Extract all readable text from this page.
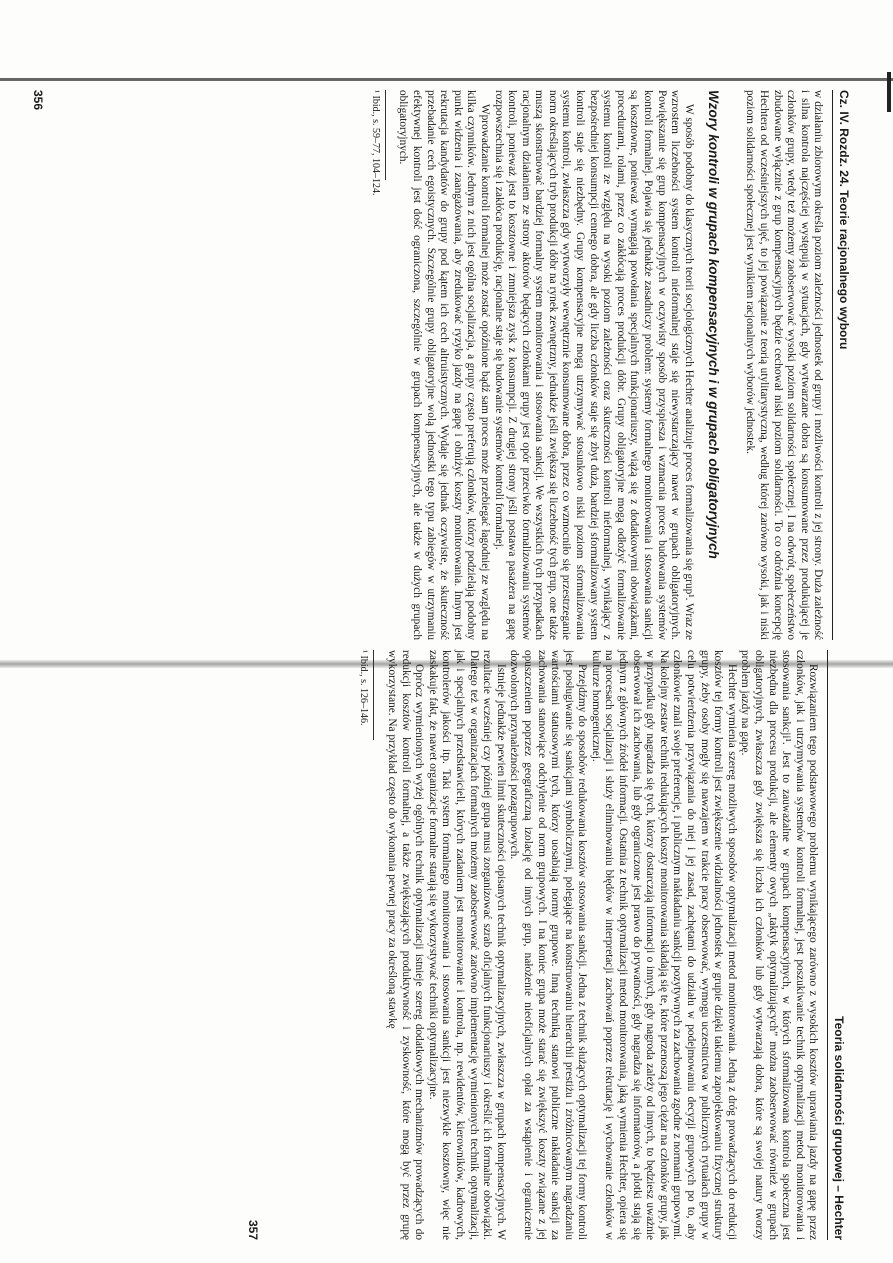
Cz. IV. Rozdz. 24. Teorie racjonalnego wyboru

w działaniu zbiorowym określa poziom zależności jednostek od grupy i możliwości kontroli z jej strony. Duża zależność i silna kontrola najczęściej występują w sytuacjach, gdy wytwarzane dobra są konsumowane przez produkującej je członków grupy, wtedy też możemy zaobserwować wysoki poziom solidarności społecznej. I na odwrót, społeczeństwo zbudowane wyłącznie z grup kompensacyjnych będzie cechował niski poziom solidarności. To co odróżnia koncepcję Hechtera od wcześniejszych ujęć, to jej powiązanie z teorią utylitarystyczną, według której zarówno wysoki, jak i niski poziom solidarności społecznej jest wynikiem racjonalnych wyborów jednostek.

Wzory kontroli w grupach kompensacyjnych i w grupach obligatoryjnych

W sposób podobny do klasycznych teorii socjologicznych Hechter analizuje proces formalizowania się grup¹. Wraz ze wzrostem liczebności system kontroli nieformalnej staje się niewystarczający nawet w grupach obligatoryjnych. Powiększanie się grup kompensacyjnych w oczywisty sposób przyspiesza i wzmacnia proces budowania systemów kontroli formalnej. Pojawia się jednakże zasadniczy problem: systemy formalnego monitorowania i stosowania sankcji są kosztowne, ponieważ wymagają powołania specjalnych funkcjonariuszy, wiążą się z dodatkowymi obowiązkami, procedurami, rolami, przez co zakłócają proces produkcji dóbr. Grupy obligatoryjne mogą odłożyć formalizowanie systemu kontroli ze względu na wysoki poziom zależności oraz skuteczności kontroli nieformalnej, wynikający z bezpośredniej konsumpcji cennego dobra, ale gdy liczba członków staje się zbyt duża, bardziej sformalizowany system kontroli staje się niezbędny. Grupy kompensacyjne mogą utrzymywać stosunkowo niski poziom sformalizowania systemu kontroli, zwłaszcza gdy wytworzyły wewnętrznie konsumowane dobra, przez co wzmocniło się przestrzeganie norm określających tryb produkcji dóbr na rynek zewnętrzny, jednakże jeśli zwiększa się liczebność tych grup, one także muszą skonstruować bardziej formalny system monitorowania i stosowania sankcji. We wszystkich tych przypadkach racjonalnym działaniem ze strony aktorów będących członkami grupy jest opór przeciwko formalizowaniu systemów kontroli, ponieważ jest to kosztowne i zmniejsza zysk z konsumpcji. Z drugiej strony jeśli postawa pasażera na gapę rozpowszechnia się i zakłóca produkcję, racjonalne staje się budowanie systemów kontroli formalnej.

Wprowadzanie kontroli formalnej może zostać opóźnione bądź sam proces może przebiegać łagodniej ze względu na kilka czynników. Jednym z nich jest ogólna socjalizacja, a grupy często preferują członków, którzy podzielają podobny punkt widzenia i zaangażowania, aby zredukować ryzyko jazdy na gapę i obniżyć koszty monitorowania. Innym jest rekrutacja kandydatów do grupy pod kątem ich cech altruistycznych. Wydaje się jednak oczywiste, że skuteczność przebadanie cech egoistycznych. Szczególnie grupy obligatoryjne wolą jednostki tego typu zabiegów w utrzymaniu efektywnej kontroli jest dość ograniczona, szczególnie w grupach kompensacyjnych, ale także w dużych grupach obligatoryjnych.

¹ Ibid., s. 59–77, 104–124.
356
Teoria solidarności grupowej – Hechter

Rozwiązaniem tego podstawowego problemu wynikającego zarówno z wysokich kosztów uprawiania jazdy na gapę przez członków, jak i utrzymywania systemów kontroli formalnej, jest poszukiwanie technik optymalizacji metod monitorowania i stosowania sankcji¹. Jest to zauważalne w grupach kompensacyjnych, w których sformalizowana kontrola społeczna jest niezbędna dla procesu produkcji, ale elementy owych „taktyk optymalizujących” można zaobserwować również w grupach obligatoryjnych, zwłaszcza gdy zwiększa się liczba ich członków lub gdy wytwarzają dobra, które są swojej natury tworzy problem jazdy na gapę.

Hechter wymienia szereg możliwych sposobów optymalizacji metod monitorowania. Jedną z dróg prowadzących do redukcji kosztów tej formy kontroli jest zwiększenie widzialności jednostek w grupie dzięki takiemu zaprojektowaniu fizycznej struktury grupy, żeby osoby mogły się nawzajem w trakcie pracy obserwować, wymogu uczestnictwa w publicznych rytuałach grupy w celu potwierdzenia przywiązania do niej i jej zasad, zachętami do udziału w podejmowaniu decyzji grupowych po to, aby członkowie znali swoje preferencje, i publicznym nakładaniu sankcji pozytywnych za zachowania zgodne z normami grupowymi. Na kolejny zestaw technik redukujących koszty monitorowania składają się te, które przenoszą jego ciężar na członków grupy, jak w przypadku gdy nagradza się tych, którzy dostarczają informacji o innych, gdy nagroda zależy od innych, to będziesz uważnie obserwował ich zachowania, lub gdy ograniczone jest prawo do prywatności, gdy nagradza się informatorów, a plotki stają się jednym z głównych źródeł informacji. Ostatnia z technik optymalizacji metod monitorowania, jaką wymienia Hechter, opiera się na procesach socjalizacji i służy eliminowaniu błędów w interpretacji zachowań poprzez rekrutację i wychowanie członków w kulturze homogenicznej.

Przejdźmy do sposobów redukowania kosztów stosowania sankcji. Jedna z technik służących optymalizacji tej formy kontroli jest posługiwanie się sankcjami symbolicznymi, polegające na konstruowaniu hierarchii prestiżu i zróżnicowanym nagradzaniu wartościami statusowymi tych, którzy uosabiają normy grupowe. Inną techniką stanowi publiczne nakładanie sankcji za zachowania stanowiące odchylenie od norm grupowych. I na koniec grupa może starać się zwiększyć koszty związane z jej opuszczeniem poprzez geograficzną izolację od innych grup, nałożenie nieoficjalnych opłat za wstąpienie i ograniczenie dozwolonych przynależności pozagrupowych.

Istnieje jednakże pewien limit skuteczności opisanych technik optymalizacyjnych, zwłaszcza w grupach kompensacyjnych. W rezultacie wcześniej czy później grupa musi zorganizować szrab oficjalnych funkcjonariuszy i określić ich formalne obowiązki. Dlatego też w organizacjach formalnych możemy zaobserwować zarówno implementację wymienionych technik optymalizacji, jak i specjalnych przedstawicieli, których zadaniem jest monitorowanie i kontrola, np. rewidentów, kierowników, kadrowych, kontrolerów jakości itp. Taki system formalnego monitorowania i stosowania sankcji jest niezwykle kosztowny, więc nie zaskakuje fakt, że nawet organizacje formalne starają się wykorzystywać techniki optymalizacyjne.

Oprócz wymienionych wyżej ogólnych technik optymalizacji istnieje szereg dodatkowych mechanizmów prowadzących do redukcji kosztów kontroli formalnej, a także zwiększających produktywność i zyskowność, które mogą być przez grupę wykorzystane. Na przykład często do wykonania pewnej pracy za określoną stawkę

¹ Ibid., s. 126–146.
357
